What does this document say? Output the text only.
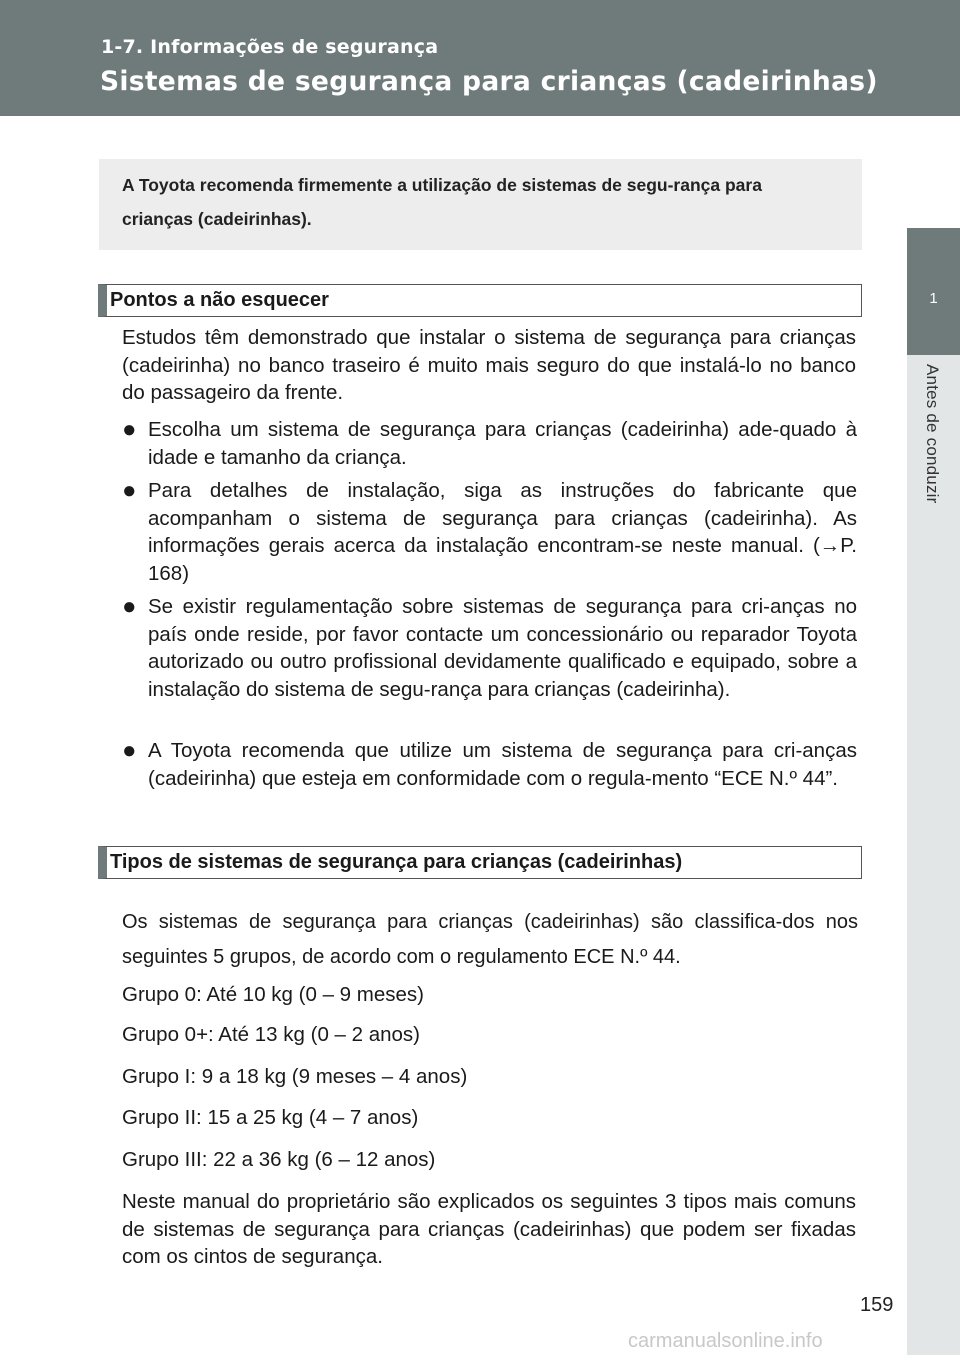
1-7. Informações de segurança
Sistemas de segurança para crianças (cadeirinhas)
1
Antes de conduzir
A Toyota recomenda firmemente a utilização de sistemas de segu-rança para crianças (cadeirinhas).
Pontos a não esquecer
Estudos têm demonstrado que instalar o sistema de segurança para crianças (cadeirinha) no banco traseiro é muito mais seguro do que instalá-lo no banco do passageiro da frente.
● Escolha um sistema de segurança para crianças (cadeirinha) ade-quado à idade e tamanho da criança.
● Para detalhes de instalação, siga as instruções do fabricante que acompanham o sistema de segurança para crianças (cadeirinha). As informações gerais acerca da instalação encontram-se neste manual. (→P. 168)
● Se existir regulamentação sobre sistemas de segurança para cri-anças no país onde reside, por favor contacte um concessionário ou reparador Toyota autorizado ou outro profissional devidamente qualificado e equipado, sobre a instalação do sistema de segu-rança para crianças (cadeirinha).
● A Toyota recomenda que utilize um sistema de segurança para cri-anças (cadeirinha) que esteja em conformidade com o regula-mento “ECE N.º 44”.
Tipos de sistemas de segurança para crianças (cadeirinhas)
Os sistemas de segurança para crianças (cadeirinhas) são classifica-dos nos seguintes 5 grupos, de acordo com o regulamento ECE N.º 44.
Grupo 0: Até 10 kg (0 – 9 meses)
Grupo 0+: Até 13 kg (0 – 2 anos)
Grupo I: 9 a 18 kg (9 meses – 4 anos)
Grupo II: 15 a 25 kg (4 – 7 anos)
Grupo III: 22 a 36 kg (6 – 12 anos)
Neste manual do proprietário são explicados os seguintes 3 tipos mais comuns de sistemas de segurança para crianças (cadeirinhas) que podem ser fixadas com os cintos de segurança.
159
carmanualsonline.info
